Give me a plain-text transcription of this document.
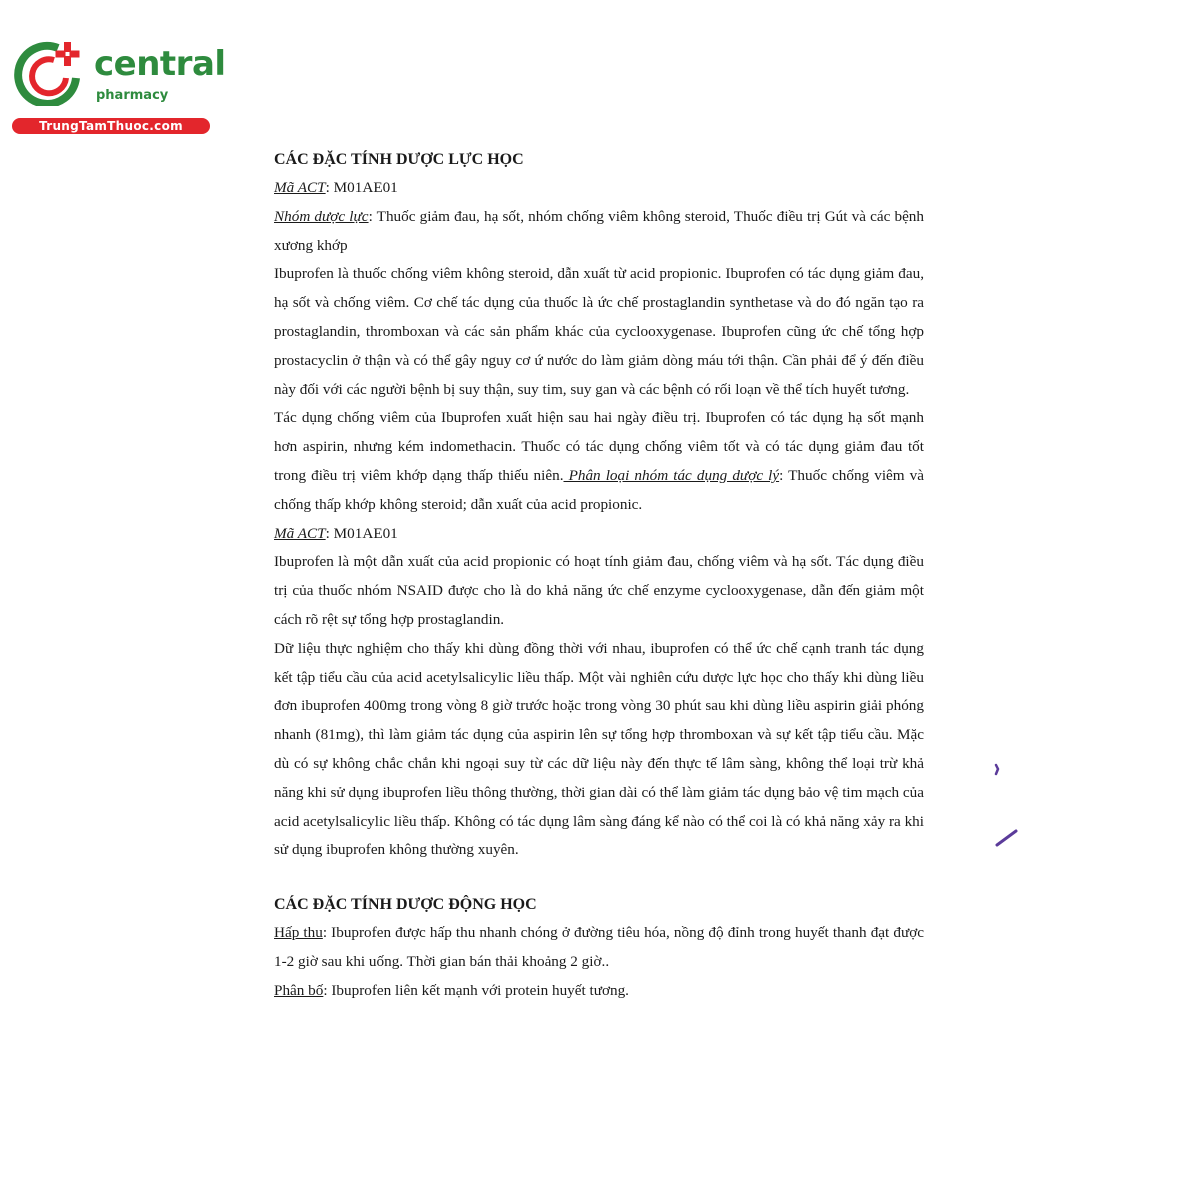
central
pharmacy
TrungTamThuoc.com

CÁC ĐẶC TÍNH DƯỢC LỰC HỌC

Mã ACT: M01AE01

Nhóm dược lực: Thuốc giảm đau, hạ sốt, nhóm chống viêm không steroid, Thuốc điều trị Gút và các bệnh xương khớp

Ibuprofen là thuốc chống viêm không steroid, dẫn xuất từ acid propionic. Ibuprofen có tác dụng giảm đau, hạ sốt và chống viêm. Cơ chế tác dụng của thuốc là ức chế prostaglandin synthetase và do đó ngăn tạo ra prostaglandin, thromboxan và các sản phẩm khác của cyclooxygenase. Ibuprofen cũng ức chế tổng hợp prostacyclin ở thận và có thể gây nguy cơ ứ nước do làm giảm dòng máu tới thận. Cần phải để ý đến điều này đối với các người bệnh bị suy thận, suy tim, suy gan và các bệnh có rối loạn về thể tích huyết tương.

Tác dụng chống viêm của Ibuprofen xuất hiện sau hai ngày điều trị. Ibuprofen có tác dụng hạ sốt mạnh hơn aspirin, nhưng kém indomethacin. Thuốc có tác dụng chống viêm tốt và có tác dụng giảm đau tốt trong điều trị viêm khớp dạng thấp thiếu niên. Phân loại nhóm tác dụng dược lý: Thuốc chống viêm và chống thấp khớp không steroid; dẫn xuất của acid propionic.

Mã ACT: M01AE01

Ibuprofen là một dẫn xuất của acid propionic có hoạt tính giảm đau, chống viêm và hạ sốt. Tác dụng điều trị của thuốc nhóm NSAID được cho là do khả năng ức chế enzyme cyclooxygenase, dẫn đến giảm một cách rõ rệt sự tổng hợp prostaglandin.

Dữ liệu thực nghiệm cho thấy khi dùng đồng thời với nhau, ibuprofen có thể ức chế cạnh tranh tác dụng kết tập tiểu cầu của acid acetylsalicylic liều thấp. Một vài nghiên cứu dược lực học cho thấy khi dùng liều đơn ibuprofen 400mg trong vòng 8 giờ trước hoặc trong vòng 30 phút sau khi dùng liều aspirin giải phóng nhanh (81mg), thì làm giảm tác dụng của aspirin lên sự tổng hợp thromboxan và sự kết tập tiểu cầu. Mặc dù có sự không chắc chắn khi ngoại suy từ các dữ liệu này đến thực tế lâm sàng, không thể loại trừ khả năng khi sử dụng ibuprofen liều thông thường, thời gian dài có thể làm giảm tác dụng bảo vệ tim mạch của acid acetylsalicylic liều thấp. Không có tác dụng lâm sàng đáng kể nào có thể coi là có khả năng xảy ra khi sử dụng ibuprofen không thường xuyên.

CÁC ĐẶC TÍNH DƯỢC ĐỘNG HỌC

Hấp thu: Ibuprofen được hấp thu nhanh chóng ở đường tiêu hóa, nồng độ đỉnh trong huyết thanh đạt được 1-2 giờ sau khi uống. Thời gian bán thải khoảng 2 giờ..

Phân bố: Ibuprofen liên kết mạnh với protein huyết tương.
